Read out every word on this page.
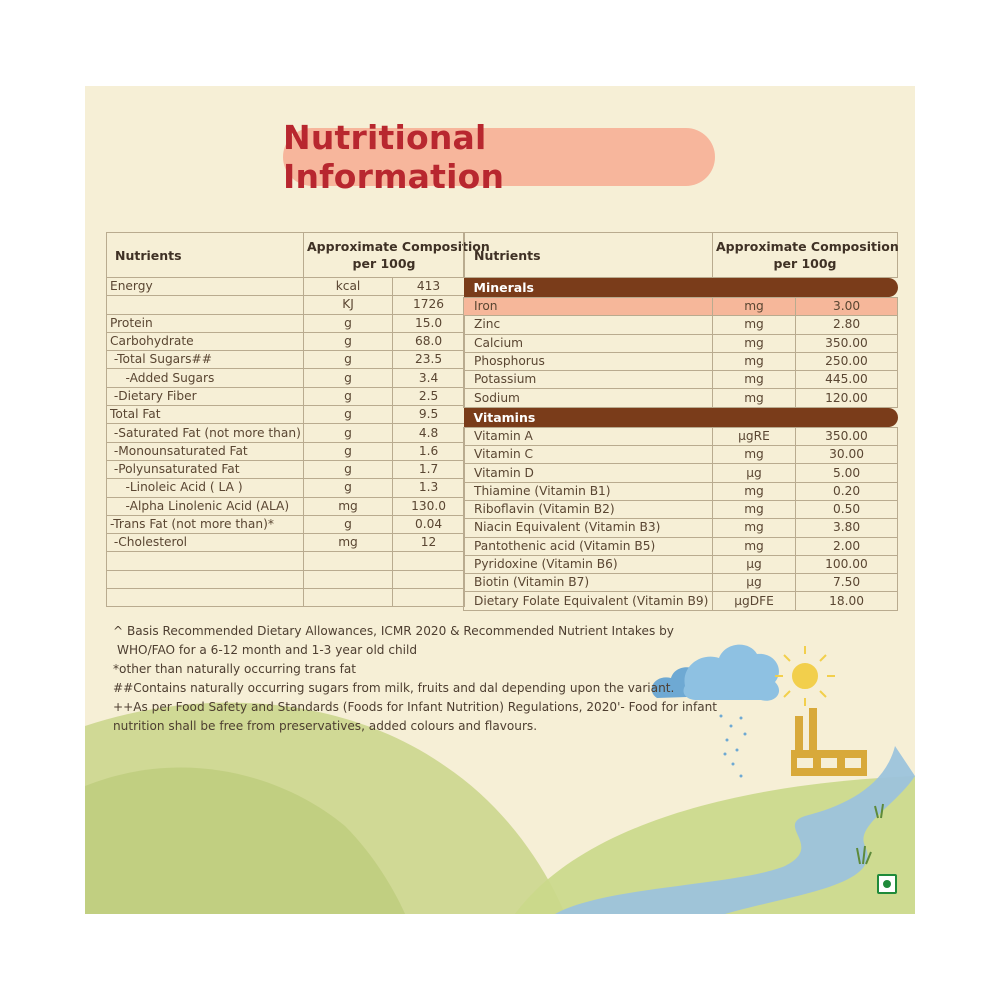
Nutritional Information
Nutrients	Approximate Composition
per 100g	

Energy	kcal	413
	KJ	1726
Protein	g	15.0
Carbohydrate	g	68.0
-Total Sugars##	g	23.5
-Added Sugars	g	3.4
-Dietary Fiber	g	2.5
Total Fat	g	9.5
-Saturated Fat (not more than)	g	4.8
-Monounsaturated Fat	g	1.6
-Polyunsaturated Fat	g	1.7
-Linoleic Acid ( LA )	g	1.3
-Alpha Linolenic Acid (ALA)	mg	130.0
-Trans Fat (not more than)*	g	0.04
-Cholesterol	mg	12

Nutrients	Approximate Composition
per 100g	

Minerals		

Iron	mg	3.00
Zinc	mg	2.80
Calcium	mg	350.00
Phosphorus	mg	250.00
Potassium	mg	445.00
Sodium	mg	120.00

Vitamins		

Vitamin A	µgRE	350.00
Vitamin C	mg	30.00
Vitamin D	µg	5.00
Thiamine (Vitamin B1)	mg	0.20
Riboflavin (Vitamin B2)	mg	0.50
Niacin Equivalent (Vitamin B3)	mg	3.80
Pantothenic acid (Vitamin B5)	mg	2.00
Pyridoxine (Vitamin B6)	µg	100.00
Biotin (Vitamin B7)	µg	7.50
Dietary Folate Equivalent (Vitamin B9)	µgDFE	18.00
^ Basis Recommended Dietary Allowances, ICMR 2020 & Recommended Nutrient Intakes by
WHO/FAO for a 6-12 month and 1-3 year old child
*other than naturally occurring trans fat
##Contains naturally occurring sugars from milk, fruits and dal depending upon the variant.
++As per Food Safety and Standards (Foods for Infant Nutrition) Regulations, 2020'- Food for infant
nutrition shall be free from preservatives, added colours and flavours.
